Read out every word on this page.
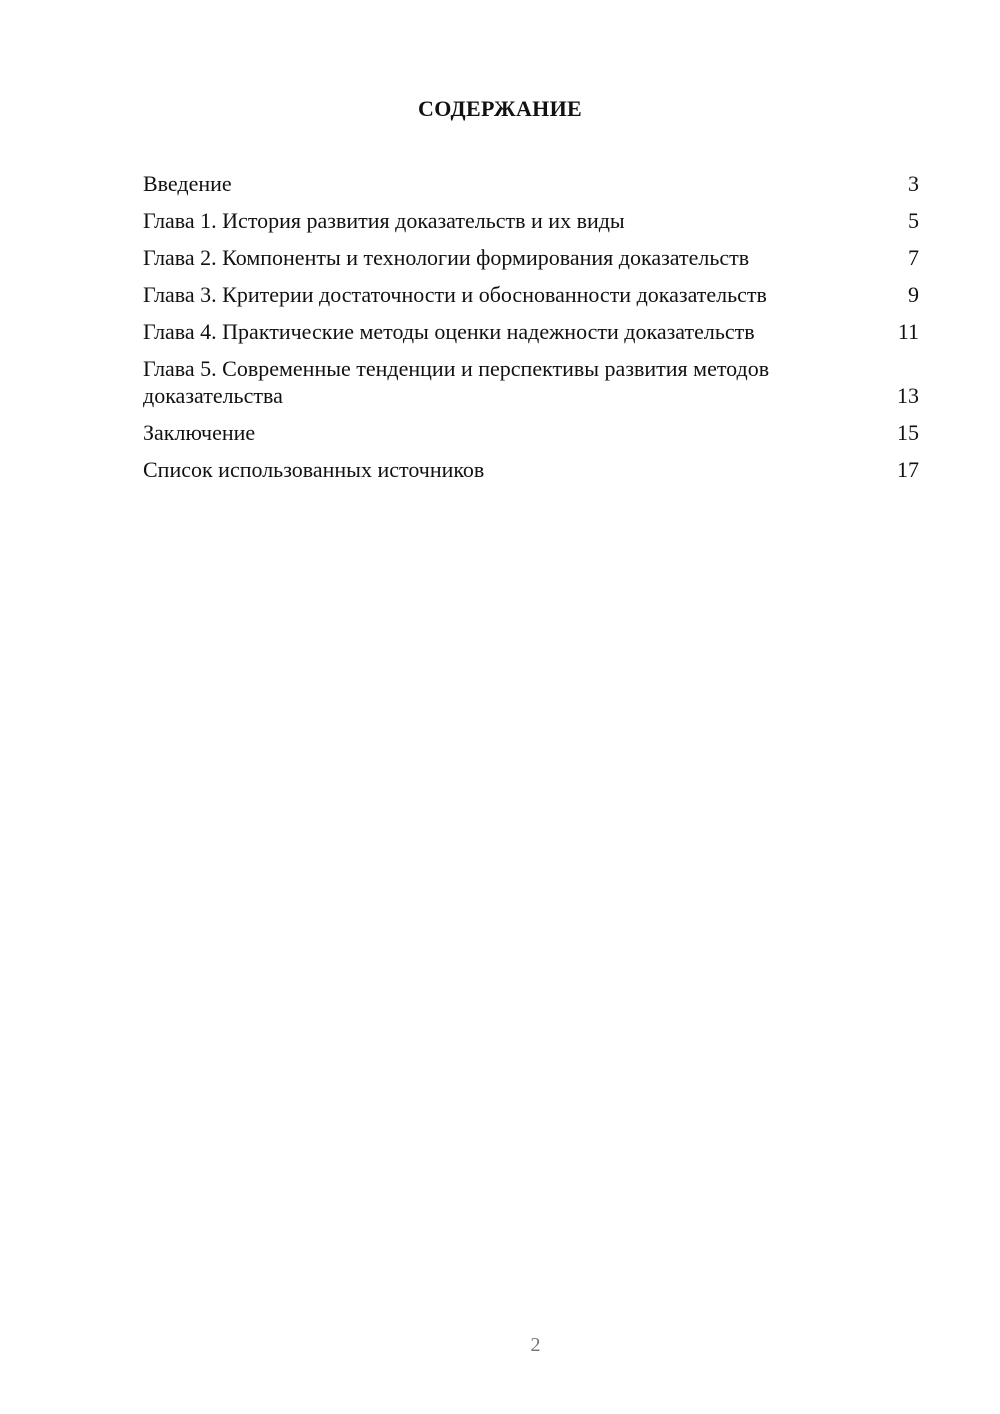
СОДЕРЖАНИЕ
Введение	3
Глава 1. История развития доказательств и их виды	5
Глава 2. Компоненты и технологии формирования доказательств	7
Глава 3. Критерии достаточности и обоснованности доказательств	9
Глава 4. Практические методы оценки надежности доказательств	11
Глава 5. Современные тенденции и перспективы развития методов доказательства	13
Заключение	15
Список использованных источников	17
2
